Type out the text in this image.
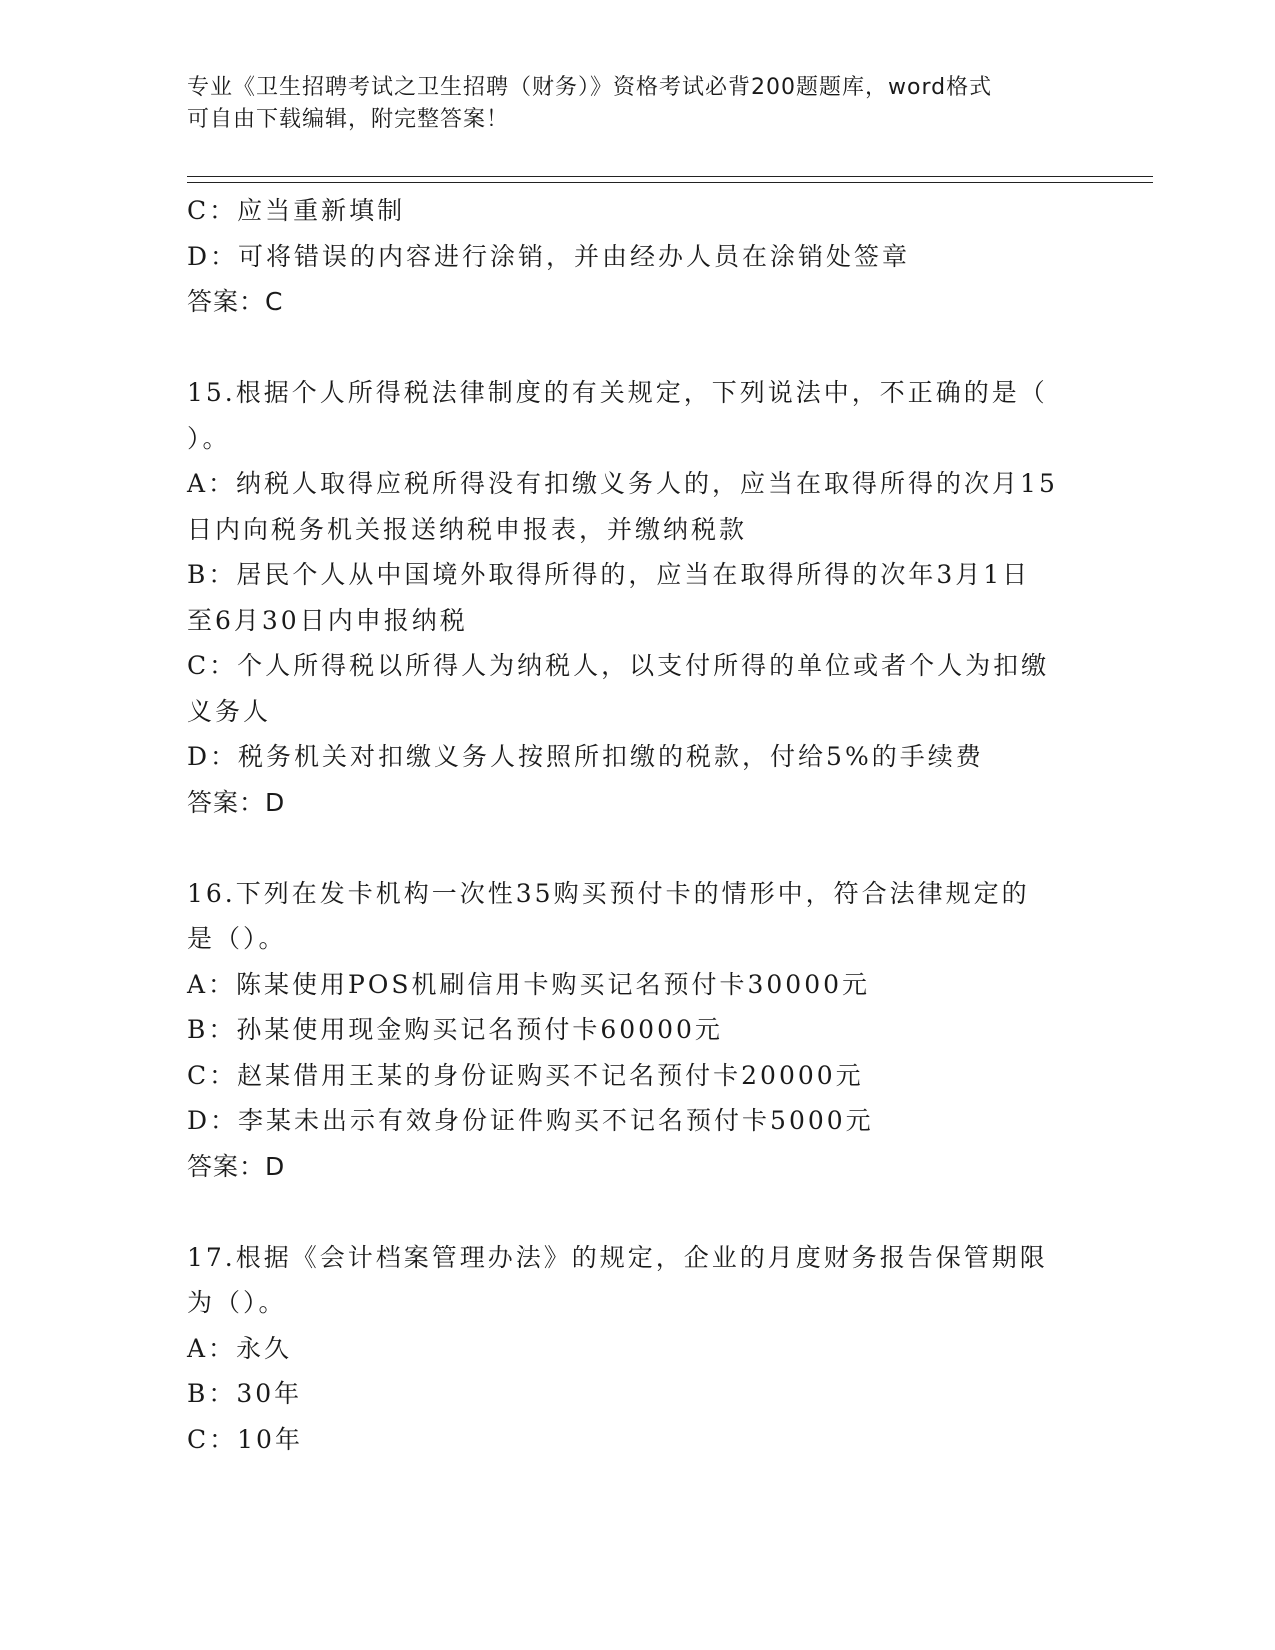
专业《卫生招聘考试之卫生招聘（财务）》资格考试必背200题题库，word格式

可自由下载编辑，附完整答案！

C：应当重新填制

D：可将错误的内容进行涂销，并由经办人员在涂销处签章

答案：C

15.根据个人所得税法律制度的有关规定，下列说法中，不正确的是（

）。

A：纳税人取得应税所得没有扣缴义务人的，应当在取得所得的次月15

日内向税务机关报送纳税申报表，并缴纳税款

B：居民个人从中国境外取得所得的，应当在取得所得的次年3月1日

至6月30日内申报纳税

C：个人所得税以所得人为纳税人，以支付所得的单位或者个人为扣缴

义务人

D：税务机关对扣缴义务人按照所扣缴的税款，付给5%的手续费

答案：D

16.下列在发卡机构一次性35购买预付卡的情形中，符合法律规定的

是（）。

A：陈某使用POS机刷信用卡购买记名预付卡30000元

B：孙某使用现金购买记名预付卡60000元

C：赵某借用王某的身份证购买不记名预付卡20000元

D：李某未出示有效身份证件购买不记名预付卡5000元

答案：D

17.根据《会计档案管理办法》的规定，企业的月度财务报告保管期限

为（）。

A：永久

B：30年

C：10年
